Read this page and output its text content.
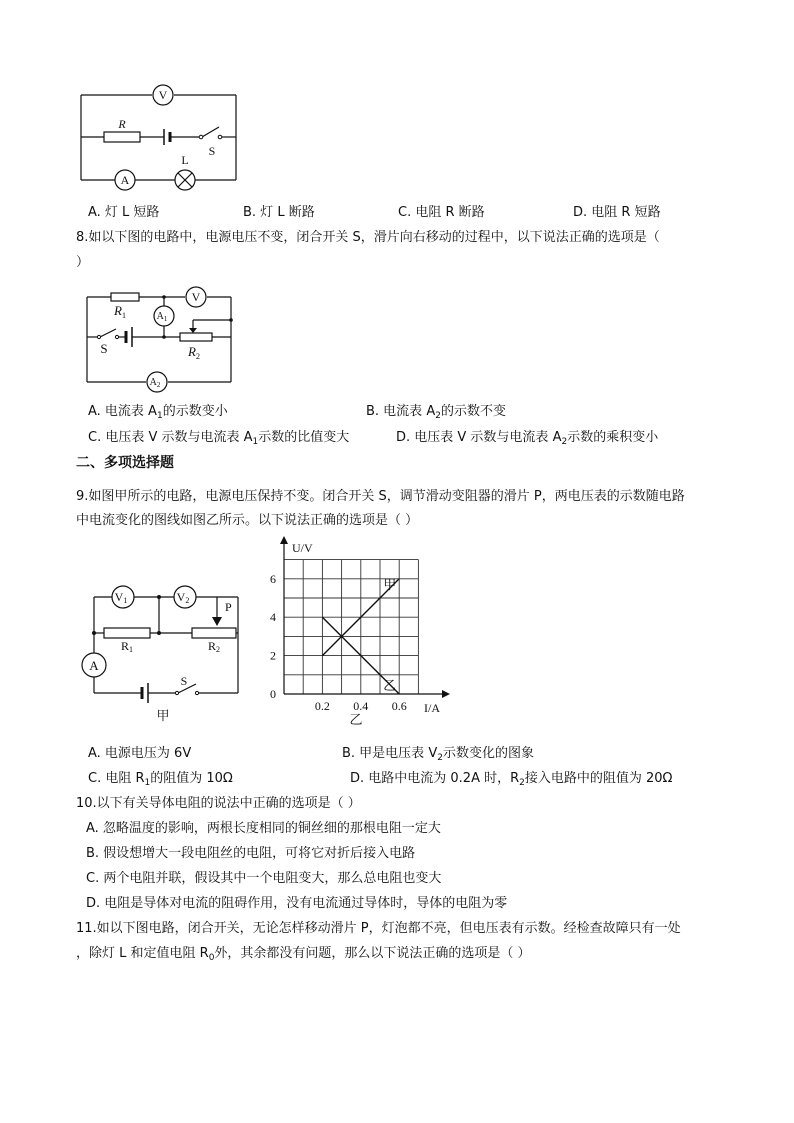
V
R
S
L
A
$R_1$
V
$A_1$
S	$R_2$
$A_2$
V1	V2	P
R1	R2
A
S
甲
甲
乙
0.2 0.4 0.6
0
2
4
6
U/V
I/A
乙
A. 灯 L 短路	B. 灯 L 断路	C. 电阻 R 断路	D. 电阻 R 短路
8.如以下图的电路中，电源电压不变，闭合开关 S，滑片向右移动的过程中，以下说法正确的选项是（
）
A. 电流表 $A_1$的示数变小	B. 电流表 $A_2$的示数不变
C. 电压表 V 示数与电流表 $A_1$示数的比值变大	D. 电压表 V 示数与电流表 $A_2$示数的乘积变小
二、多项选择题
9.如图甲所示的电路，电源电压保持不变。闭合开关 S，调节滑动变阻器的滑片 P，两电压表的示数随电路
中电流变化的图线如图乙所示。以下说法正确的选项是（ ）
A. 电源电压为 6V	B. 甲是电压表 $V_2$示数变化的图象
C. 电阻 $R_1$的阻值为 10Ω	D. 电路中电流为 0.2A 时，$R_2$接入电路中的阻值为 20Ω
10.以下有关导体电阻的说法中正确的选项是（ ）
A. 忽略温度的影响，两根长度相同的铜丝细的那根电阻一定大
B. 假设想增大一段电阻丝的电阻，可将它对折后接入电路
C. 两个电阻并联，假设其中一个电阻变大，那么总电阻也变大
D. 电阻是导体对电流的阻碍作用，没有电流通过导体时，导体的电阻为零
11.如以下图电路，闭合开关，无论怎样移动滑片 P，灯泡都不亮，但电压表有示数。经检查故障只有一处
，除灯 L 和定值电阻 $R_0$外，其余都没有问题，那么以下说法正确的选项是（ ）
